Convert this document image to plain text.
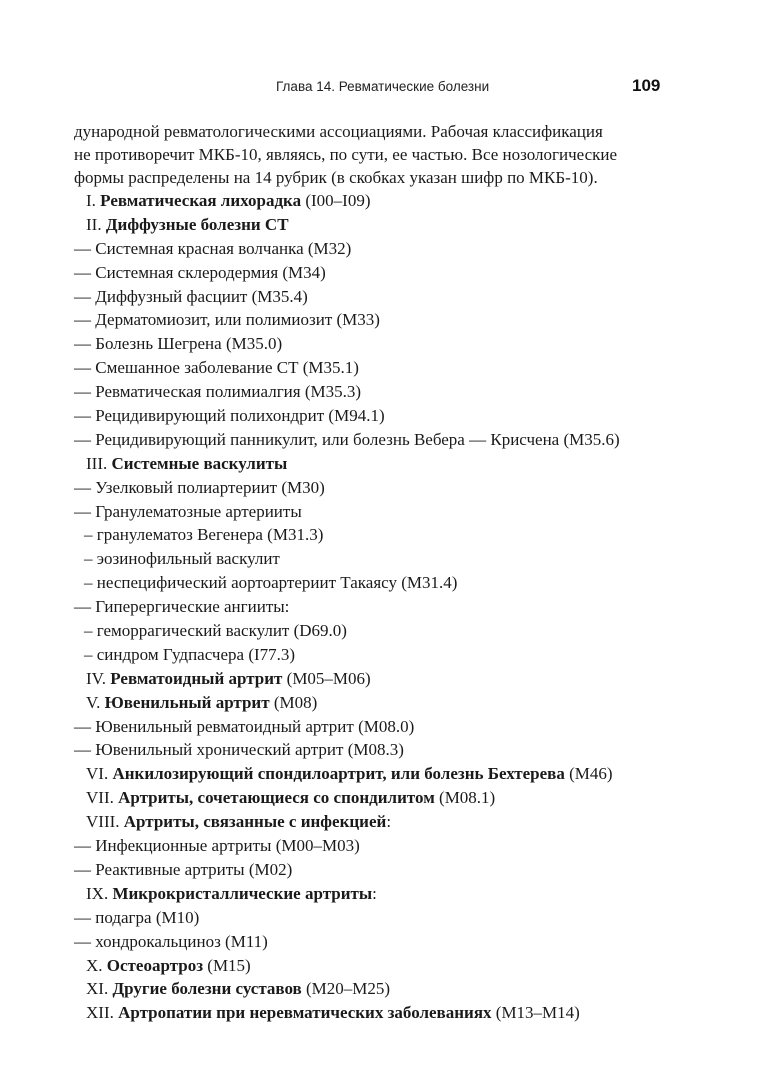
Глава 14. Ревматические болезни	109
дународной ревматологическими ассоциациями. Рабочая классификация
не противоречит МКБ-10, являясь, по сути, ее частью. Все нозологические
формы распределены на 14 рубрик (в скобках указан шифр по МКБ-10).
I. Ревматическая лихорадка (I00–I09)
II. Диффузные болезни СТ
— Системная красная волчанка (M32)
— Системная склеродермия (M34)
— Диффузный фасциит (M35.4)
— Дерматомиозит, или полимиозит (M33)
— Болезнь Шегрена (M35.0)
— Смешанное заболевание СТ (M35.1)
— Ревматическая полимиалгия (M35.3)
— Рецидивирующий полихондрит (M94.1)
— Рецидивирующий панникулит, или болезнь Вебера — Крисчена (M35.6)
III. Системные васкулиты
— Узелковый полиартериит (M30)
— Гранулематозные артерииты
– гранулематоз Вегенера (M31.3)
– эозинофильный васкулит
– неспецифический аортоартериит Такаясу (M31.4)
— Гиперергические ангииты:
– геморрагический васкулит (D69.0)
– синдром Гудпасчера (I77.3)
IV. Ревматоидный артрит (M05–M06)
V. Ювенильный артрит (M08)
— Ювенильный ревматоидный артрит (M08.0)
— Ювенильный хронический артрит (M08.3)
VI. Анкилозирующий спондилоартрит, или болезнь Бехтерева (M46)
VII. Артриты, сочетающиеся со спондилитом (M08.1)
VIII. Артриты, связанные с инфекцией:
— Инфекционные артриты (M00–M03)
— Реактивные артриты (M02)
IX. Микрокристаллические артриты:
— подагра (M10)
— хондрокальциноз (M11)
X. Остеоартроз (M15)
XI. Другие болезни суставов (M20–M25)
XII. Артропатии при неревматических заболеваниях (M13–M14)
